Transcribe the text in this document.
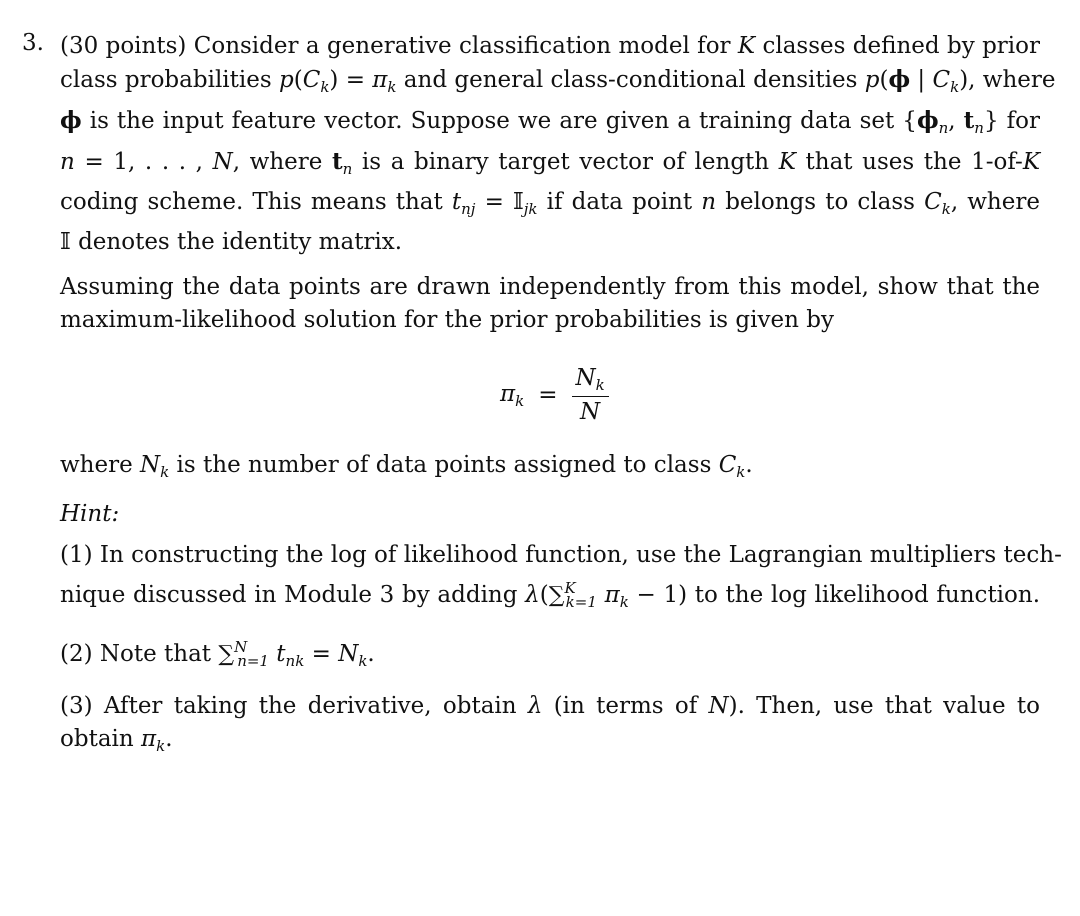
3. (30 points) Consider a generative classification model for K classes defined by prior
class probabilities $p(C_k) = \pi_k$ and general class-conditional densities p(ϕ | $C_k$), where
ϕ is the input feature vector. Suppose we are given a training data set {$\phi_n$, $t_n$} for
n = 1, . . . , N, where $t_n$ is a binary target vector of length K that uses the 1-of-K
coding scheme. This means that $t_{nj}$ = 𝕀$_{jk}$ if data point n belongs to class $C_k$, where
𝕀 denotes the identity matrix.
Assuming the data points are drawn independently from this model, show that the
maximum-likelihood solution for the prior probabilities is given by
$\pi_k = \frac{N_k}{N}$
where $N_k$ is the number of data points assigned to class $C_k$.
Hint:
(1) In constructing the log of likelihood function, use the Lagrangian multipliers tech-
nique discussed in Module 3 by adding λ(∑$^K_{k=1}$ $\pi_k - 1$) to the log likelihood function.
(2) Note that ∑$^N_{n=1}$ $t_{nk} = N_k$.
(3) After taking the derivative, obtain λ (in terms of N). Then, use that value to
obtain $\pi_k$.
